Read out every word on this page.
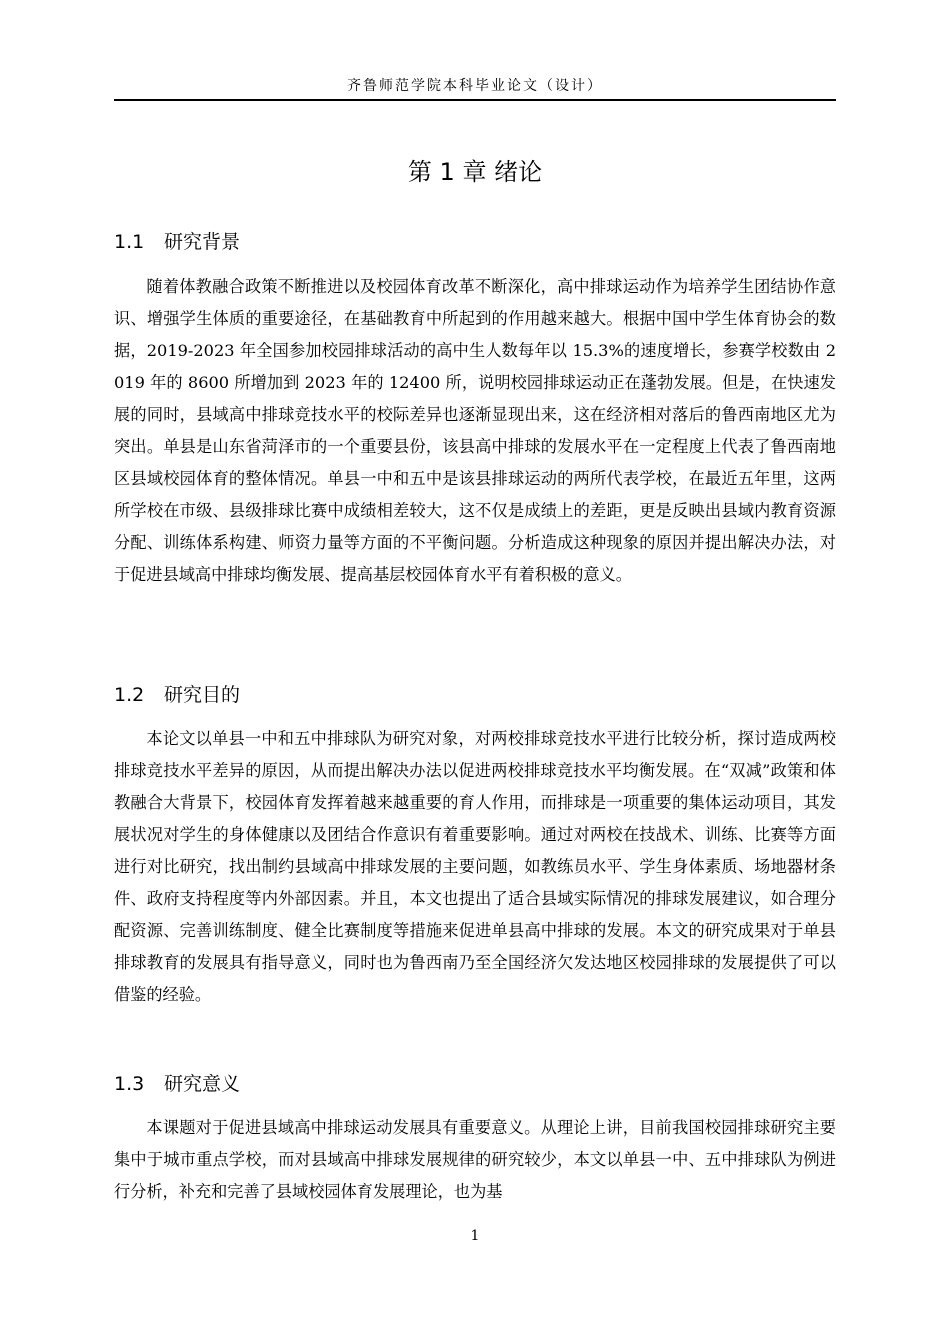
齐鲁师范学院本科毕业论文（设计）
第 1 章 绪论
1.1 研究背景

随着体教融合政策不断推进以及校园体育改革不断深化，高中排球运动作为培养学生团结协作意识、增强学生体质的重要途径，在基础教育中所起到的作用越来越大。根据中国中学生体育协会的数据，2019-2023 年全国参加校园排球活动的高中生人数每年以 15.3%的速度增长，参赛学校数由 2019 年的 8600 所增加到 2023 年的 12400 所，说明校园排球运动正在蓬勃发展。但是，在快速发展的同时，县域高中排球竞技水平的校际差异也逐渐显现出来，这在经济相对落后的鲁西南地区尤为突出。单县是山东省菏泽市的一个重要县份，该县高中排球的发展水平在一定程度上代表了鲁西南地区县域校园体育的整体情况。单县一中和五中是该县排球运动的两所代表学校，在最近五年里，这两所学校在市级、县级排球比赛中成绩相差较大，这不仅是成绩上的差距，更是反映出县域内教育资源分配、训练体系构建、师资力量等方面的不平衡问题。分析造成这种现象的原因并提出解决办法，对于促进县域高中排球均衡发展、提高基层校园体育水平有着积极的意义。

1.2 研究目的

本论文以单县一中和五中排球队为研究对象，对两校排球竞技水平进行比较分析，探讨造成两校排球竞技水平差异的原因，从而提出解决办法以促进两校排球竞技水平均衡发展。在“双减”政策和体教融合大背景下，校园体育发挥着越来越重要的育人作用，而排球是一项重要的集体运动项目，其发展状况对学生的身体健康以及团结合作意识有着重要影响。通过对两校在技战术、训练、比赛等方面进行对比研究，找出制约县域高中排球发展的主要问题，如教练员水平、学生身体素质、场地器材条件、政府支持程度等内外部因素。并且，本文也提出了适合县域实际情况的排球发展建议，如合理分配资源、完善训练制度、健全比赛制度等措施来促进单县高中排球的发展。本文的研究成果对于单县排球教育的发展具有指导意义，同时也为鲁西南乃至全国经济欠发达地区校园排球的发展提供了可以借鉴的经验。

1.3 研究意义

本课题对于促进县域高中排球运动发展具有重要意义。从理论上讲，目前我国校园排球研究主要集中于城市重点学校，而对县域高中排球发展规律的研究较少，本文以单县一中、五中排球队为例进行分析，补充和完善了县域校园体育发展理论，也为基

1
